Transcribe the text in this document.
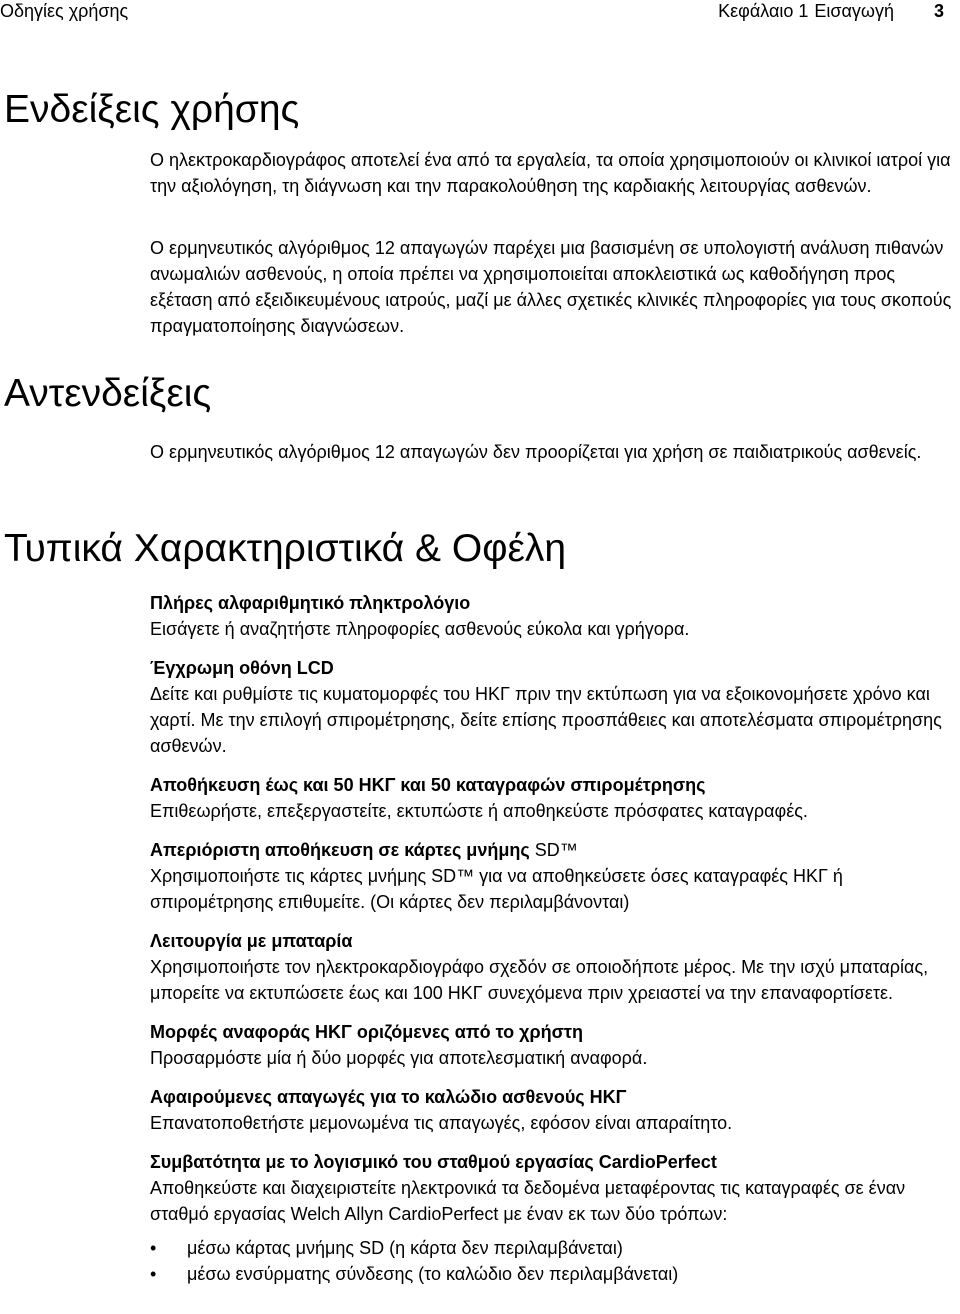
Οδηγίες χρήσης	Κεφάλαιο 1 Εισαγωγή 3
Ενδείξεις χρήσης

Ο ηλεκτροκαρδιογράφος αποτελεί ένα από τα εργαλεία, τα οποία χρησιμοποιούν οι κλινικοί ιατροί για την αξιολόγηση, τη διάγνωση και την παρακολούθηση της καρδιακής λειτουργίας ασθενών.

Ο ερμηνευτικός αλγόριθμος 12 απαγωγών παρέχει μια βασισμένη σε υπολογιστή ανάλυση πιθανών ανωμαλιών ασθενούς, η οποία πρέπει να χρησιμοποιείται αποκλειστικά ως καθοδήγηση προς εξέταση από εξειδικευμένους ιατρούς, μαζί με άλλες σχετικές κλινικές πληροφορίες για τους σκοπούς πραγματοποίησης διαγνώσεων.

Αντενδείξεις

Ο ερμηνευτικός αλγόριθμος 12 απαγωγών δεν προορίζεται για χρήση σε παιδιατρικούς ασθενείς.

Τυπικά Χαρακτηριστικά & Οφέλη
Πλήρες αλφαριθμητικό πληκτρολόγιο
Εισάγετε ή αναζητήστε πληροφορίες ασθενούς εύκολα και γρήγορα.
Έγχρωμη οθόνη LCD
Δείτε και ρυθμίστε τις κυματομορφές του ΗΚΓ πριν την εκτύπωση για να εξοικονομήσετε χρόνο και χαρτί. Με την επιλογή σπιρομέτρησης, δείτε επίσης προσπάθειες και αποτελέσματα σπιρομέτρησης ασθενών.
Αποθήκευση έως και 50 ΗΚΓ και 50 καταγραφών σπιρομέτρησης
Επιθεωρήστε, επεξεργαστείτε, εκτυπώστε ή αποθηκεύστε πρόσφατες καταγραφές.
Απεριόριστη αποθήκευση σε κάρτες μνήμης SD™
Χρησιμοποιήστε τις κάρτες μνήμης SD™ για να αποθηκεύσετε όσες καταγραφές ΗΚΓ ή σπιρομέτρησης επιθυμείτε. (Οι κάρτες δεν περιλαμβάνονται)
Λειτουργία με μπαταρία
Χρησιμοποιήστε τον ηλεκτροκαρδιογράφο σχεδόν σε οποιοδήποτε μέρος. Με την ισχύ μπαταρίας, μπορείτε να εκτυπώσετε έως και 100 ΗΚΓ συνεχόμενα πριν χρειαστεί να την επαναφορτίσετε.
Μορφές αναφοράς ΗΚΓ οριζόμενες από το χρήστη
Προσαρμόστε μία ή δύο μορφές για αποτελεσματική αναφορά.
Αφαιρούμενες απαγωγές για το καλώδιο ασθενούς ΗΚΓ
Επανατοποθετήστε μεμονωμένα τις απαγωγές, εφόσον είναι απαραίτητο.
Συμβατότητα με το λογισμικό του σταθμού εργασίας CardioPerfect
Αποθηκεύστε και διαχειριστείτε ηλεκτρονικά τα δεδομένα μεταφέροντας τις καταγραφές σε έναν σταθμό εργασίας Welch Allyn CardioPerfect με έναν εκ των δύο τρόπων:
• μέσω κάρτας μνήμης SD (η κάρτα δεν περιλαμβάνεται)
• μέσω ενσύρματης σύνδεσης (το καλώδιο δεν περιλαμβάνεται)
